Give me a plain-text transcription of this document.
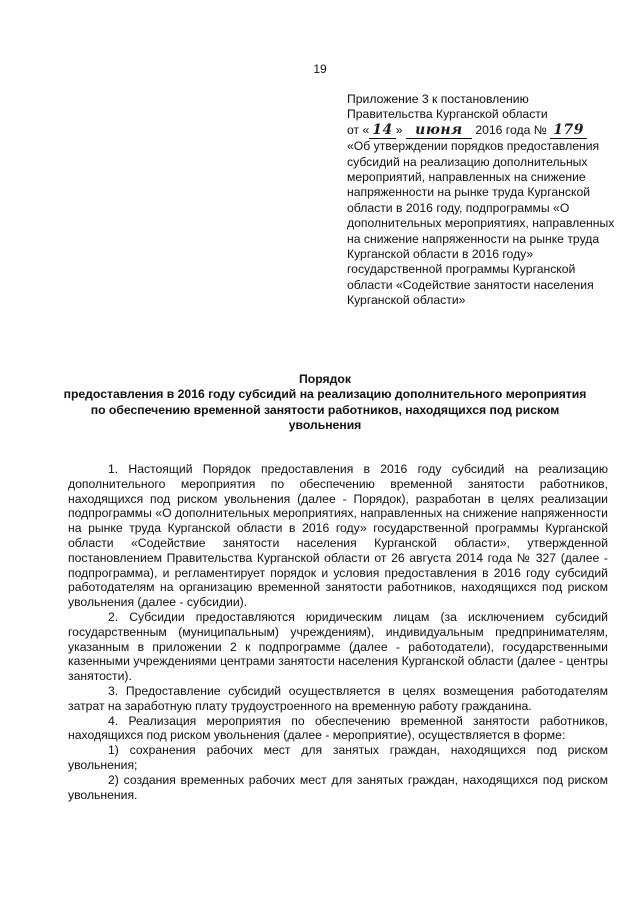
19
Приложение 3 к постановлению
Правительства Курганской области
от « 14 » июня 2016 года № 179
«Об утверждении порядков предоставления субсидий на реализацию дополнительных мероприятий, направленных на снижение напряженности на рынке труда Курганской области в 2016 году, подпрограммы «О дополнительных мероприятиях, направленных на снижение напряженности на рынке труда Курганской области в 2016 году» государственной программы Курганской области «Содействие занятости населения Курганской области»
Порядок
предоставления в 2016 году субсидий на реализацию дополнительного мероприятия по обеспечению временной занятости работников, находящихся под риском увольнения

1. Настоящий Порядок предоставления в 2016 году субсидий на реализацию дополнительного мероприятия по обеспечению временной занятости работников, находящихся под риском увольнения (далее - Порядок), разработан в целях реализации подпрограммы «О дополнительных мероприятиях, направленных на снижение напряженности на рынке труда Курганской области в 2016 году» государственной программы Курганской области «Содействие занятости населения Курганской области», утвержденной постановлением Правительства Курганской области от 26 августа 2014 года № 327 (далее - подпрограмма), и регламентирует порядок и условия предоставления в 2016 году субсидий работодателям на организацию временной занятости работников, находящихся под риском увольнения (далее - субсидии).

2. Субсидии предоставляются юридическим лицам (за исключением субсидий государственным (муниципальным) учреждениям), индивидуальным предпринимателям, указанным в приложении 2 к подпрограмме (далее - работодатели), государственными казенными учреждениями центрами занятости населения Курганской области (далее - центры занятости).

3. Предоставление субсидий осуществляется в целях возмещения работодателям затрат на заработную плату трудоустроенного на временную работу гражданина.

4. Реализация мероприятия по обеспечению временной занятости работников, находящихся под риском увольнения (далее - мероприятие), осуществляется в форме:

1) сохранения рабочих мест для занятых граждан, находящихся под риском увольнения;

2) создания временных рабочих мест для занятых граждан, находящихся под риском увольнения.
